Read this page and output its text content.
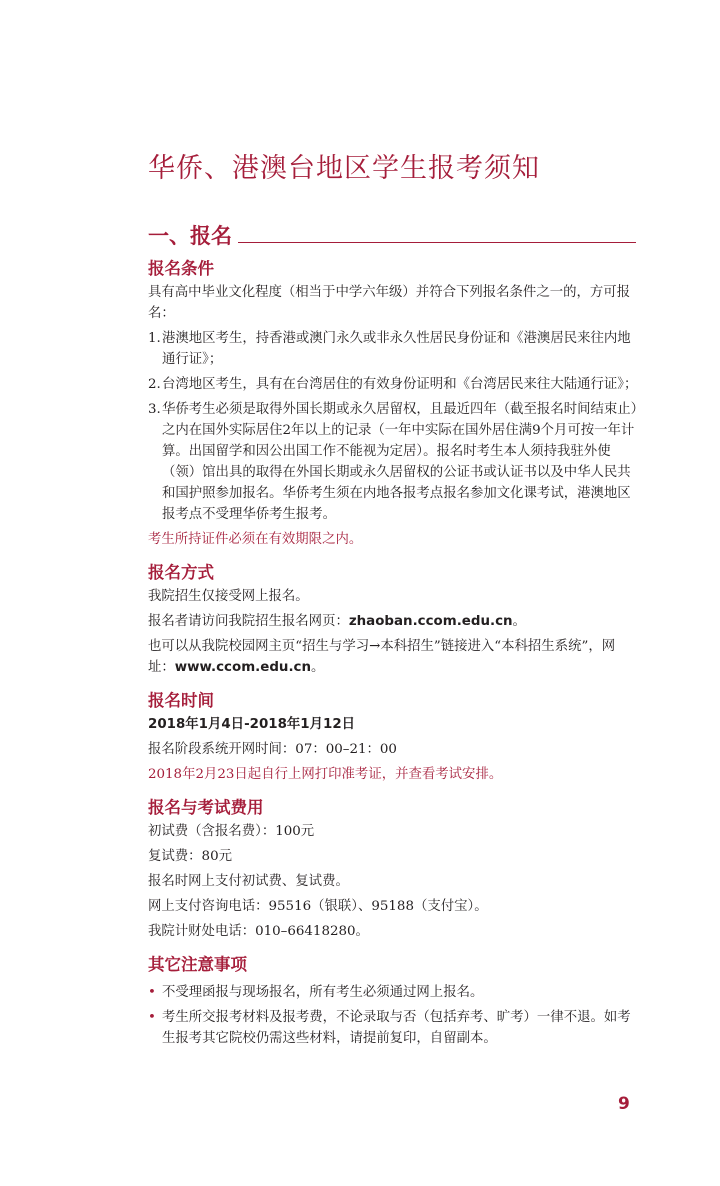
华侨、港澳台地区学生报考须知
一、报名
报名条件

具有高中毕业文化程度（相当于中学六年级）并符合下列报名条件之一的，方可报名：

1. 港澳地区考生，持香港或澳门永久或非永久性居民身份证和《港澳居民来往内地通行证》；
2. 台湾地区考生，具有在台湾居住的有效身份证明和《台湾居民来往大陆通行证》；
3. 华侨考生必须是取得外国长期或永久居留权，且最近四年（截至报名时间结束止）之内在国外实际居住2年以上的记录（一年中实际在国外居住满9个月可按一年计算。出国留学和因公出国工作不能视为定居）。报名时考生本人须持我驻外使（领）馆出具的取得在外国长期或永久居留权的公证书或认证书以及中华人民共和国护照参加报名。华侨考生须在内地各报考点报名参加文化课考试，港澳地区报考点不受理华侨考生报考。

考生所持证件必须在有效期限之内。

报名方式

我院招生仅接受网上报名。

报名者请访问我院招生报名网页：zhaoban.ccom.edu.cn。

也可以从我院校园网主页“招生与学习→本科招生”链接进入“本科招生系统”，网址：www.ccom.edu.cn。

报名时间

2018年1月4日-2018年1月12日

报名阶段系统开网时间：07：00–21：00

2018年2月23日起自行上网打印准考证，并查看考试安排。

报名与考试费用

初试费（含报名费）：100元

复试费：80元

报名时网上支付初试费、复试费。

网上支付咨询电话：95516（银联）、95188（支付宝）。

我院计财处电话：010–66418280。

其它注意事项
• 不受理函报与现场报名，所有考生必须通过网上报名。
• 考生所交报考材料及报考费，不论录取与否（包括弃考、旷考）一律不退。如考生报考其它院校仍需这些材料，请提前复印，自留副本。
9
